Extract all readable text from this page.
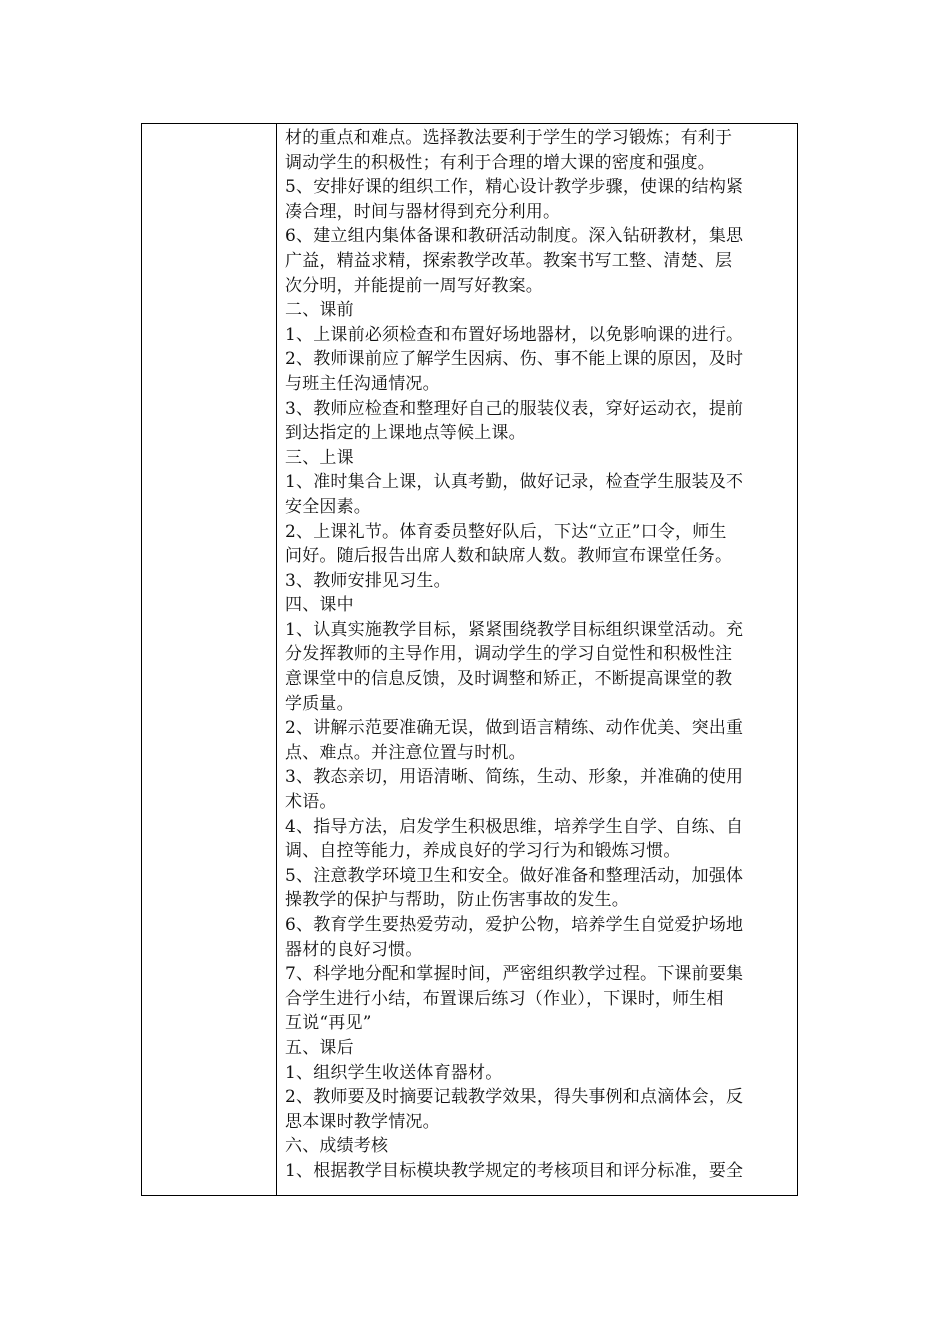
材的重点和难点。选择教法要利于学生的学习锻炼；有利于
调动学生的积极性；有利于合理的增大课的密度和强度。
5、安排好课的组织工作，精心设计教学步骤，使课的结构紧
凑合理，时间与器材得到充分利用。
6、建立组内集体备课和教研活动制度。深入钻研教材，集思
广益，精益求精，探索教学改革。教案书写工整、清楚、层
次分明，并能提前一周写好教案。
二、课前
1、上课前必须检查和布置好场地器材，以免影响课的进行。
2、教师课前应了解学生因病、伤、事不能上课的原因，及时
与班主任沟通情况。
3、教师应检查和整理好自己的服装仪表，穿好运动衣，提前
到达指定的上课地点等候上课。
三、上课
1、准时集合上课，认真考勤，做好记录，检查学生服装及不
安全因素。
2、上课礼节。体育委员整好队后，下达“立正”口令，师生
问好。随后报告出席人数和缺席人数。教师宣布课堂任务。
3、教师安排见习生。
四、课中
1、认真实施教学目标，紧紧围绕教学目标组织课堂活动。充
分发挥教师的主导作用，调动学生的学习自觉性和积极性注
意课堂中的信息反馈，及时调整和矫正，不断提高课堂的教
学质量。
2、讲解示范要准确无误，做到语言精练、动作优美、突出重
点、难点。并注意位置与时机。
3、教态亲切，用语清晰、简练，生动、形象，并准确的使用
术语。
4、指导方法，启发学生积极思维，培养学生自学、自练、自
调、自控等能力，养成良好的学习行为和锻炼习惯。
5、注意教学环境卫生和安全。做好准备和整理活动，加强体
操教学的保护与帮助，防止伤害事故的发生。
6、教育学生要热爱劳动，爱护公物，培养学生自觉爱护场地
器材的良好习惯。
7、科学地分配和掌握时间，严密组织教学过程。下课前要集
合学生进行小结，布置课后练习（作业），下课时，师生相
互说“再见”
五、课后
1、组织学生收送体育器材。
2、教师要及时摘要记载教学效果，得失事例和点滴体会，反
思本课时教学情况。
六、成绩考核
1、根据教学目标模块教学规定的考核项目和评分标准，要全
